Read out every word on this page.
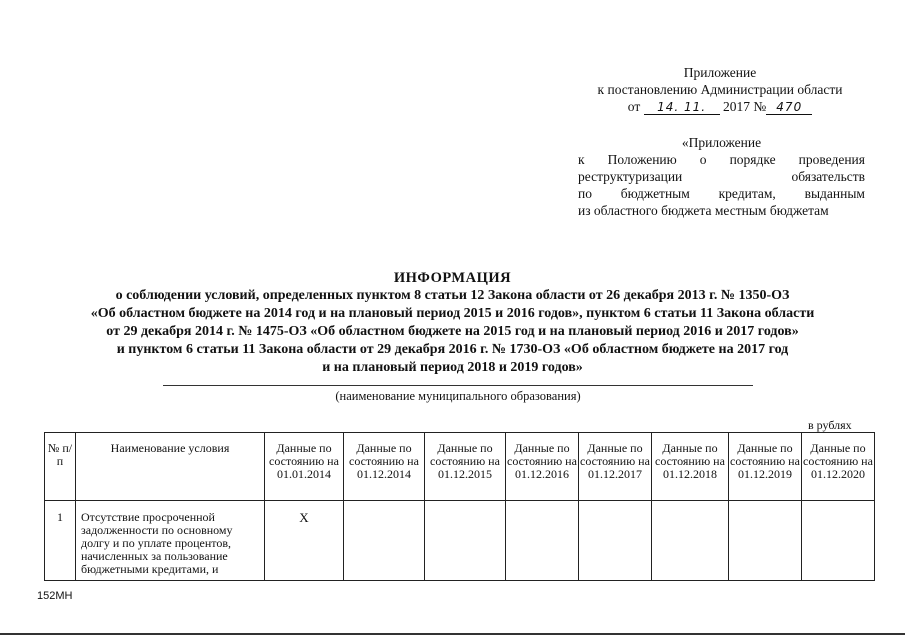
Приложение
к постановлению Администрации области
от 14. 11. 2017 № 470
«Приложение
к Положению о порядке проведения
реструктуризации	обязательств
по бюджетным кредитам, выданным
из областного бюджета местным бюджетам
ИНФОРМАЦИЯ
о соблюдении условий, определенных пунктом 8 статьи 12 Закона области от 26 декабря 2013 г. № 1350-ОЗ
«Об областном бюджете на 2014 год и на плановый период 2015 и 2016 годов», пунктом 6 статьи 11 Закона области
от 29 декабря 2014 г. № 1475-ОЗ «Об областном бюджете на 2015 год и на плановый период 2016 и 2017 годов»
и пунктом 6 статьи 11 Закона области от 29 декабря 2016 г. № 1730-ОЗ «Об областном бюджете на 2017 год
и на плановый период 2018 и 2019 годов»
(наименование муниципального образования)
в рублях
№ п/п	Наименование условия	Данные по состоянию на 01.01.2014	Данные по состоянию на 01.12.2014	Данные по состоянию на 01.12.2015	Данные по состоянию на 01.12.2016	Данные по состоянию на 01.12.2017	Данные по состоянию на 01.12.2018	Данные по состоянию на 01.12.2019	Данные по состоянию на 01.12.2020
1	Отсутствие просроченной задолженности по основному долгу и по уплате процентов, начисленных за пользование бюджетными кредитами, и	X							
152МН
